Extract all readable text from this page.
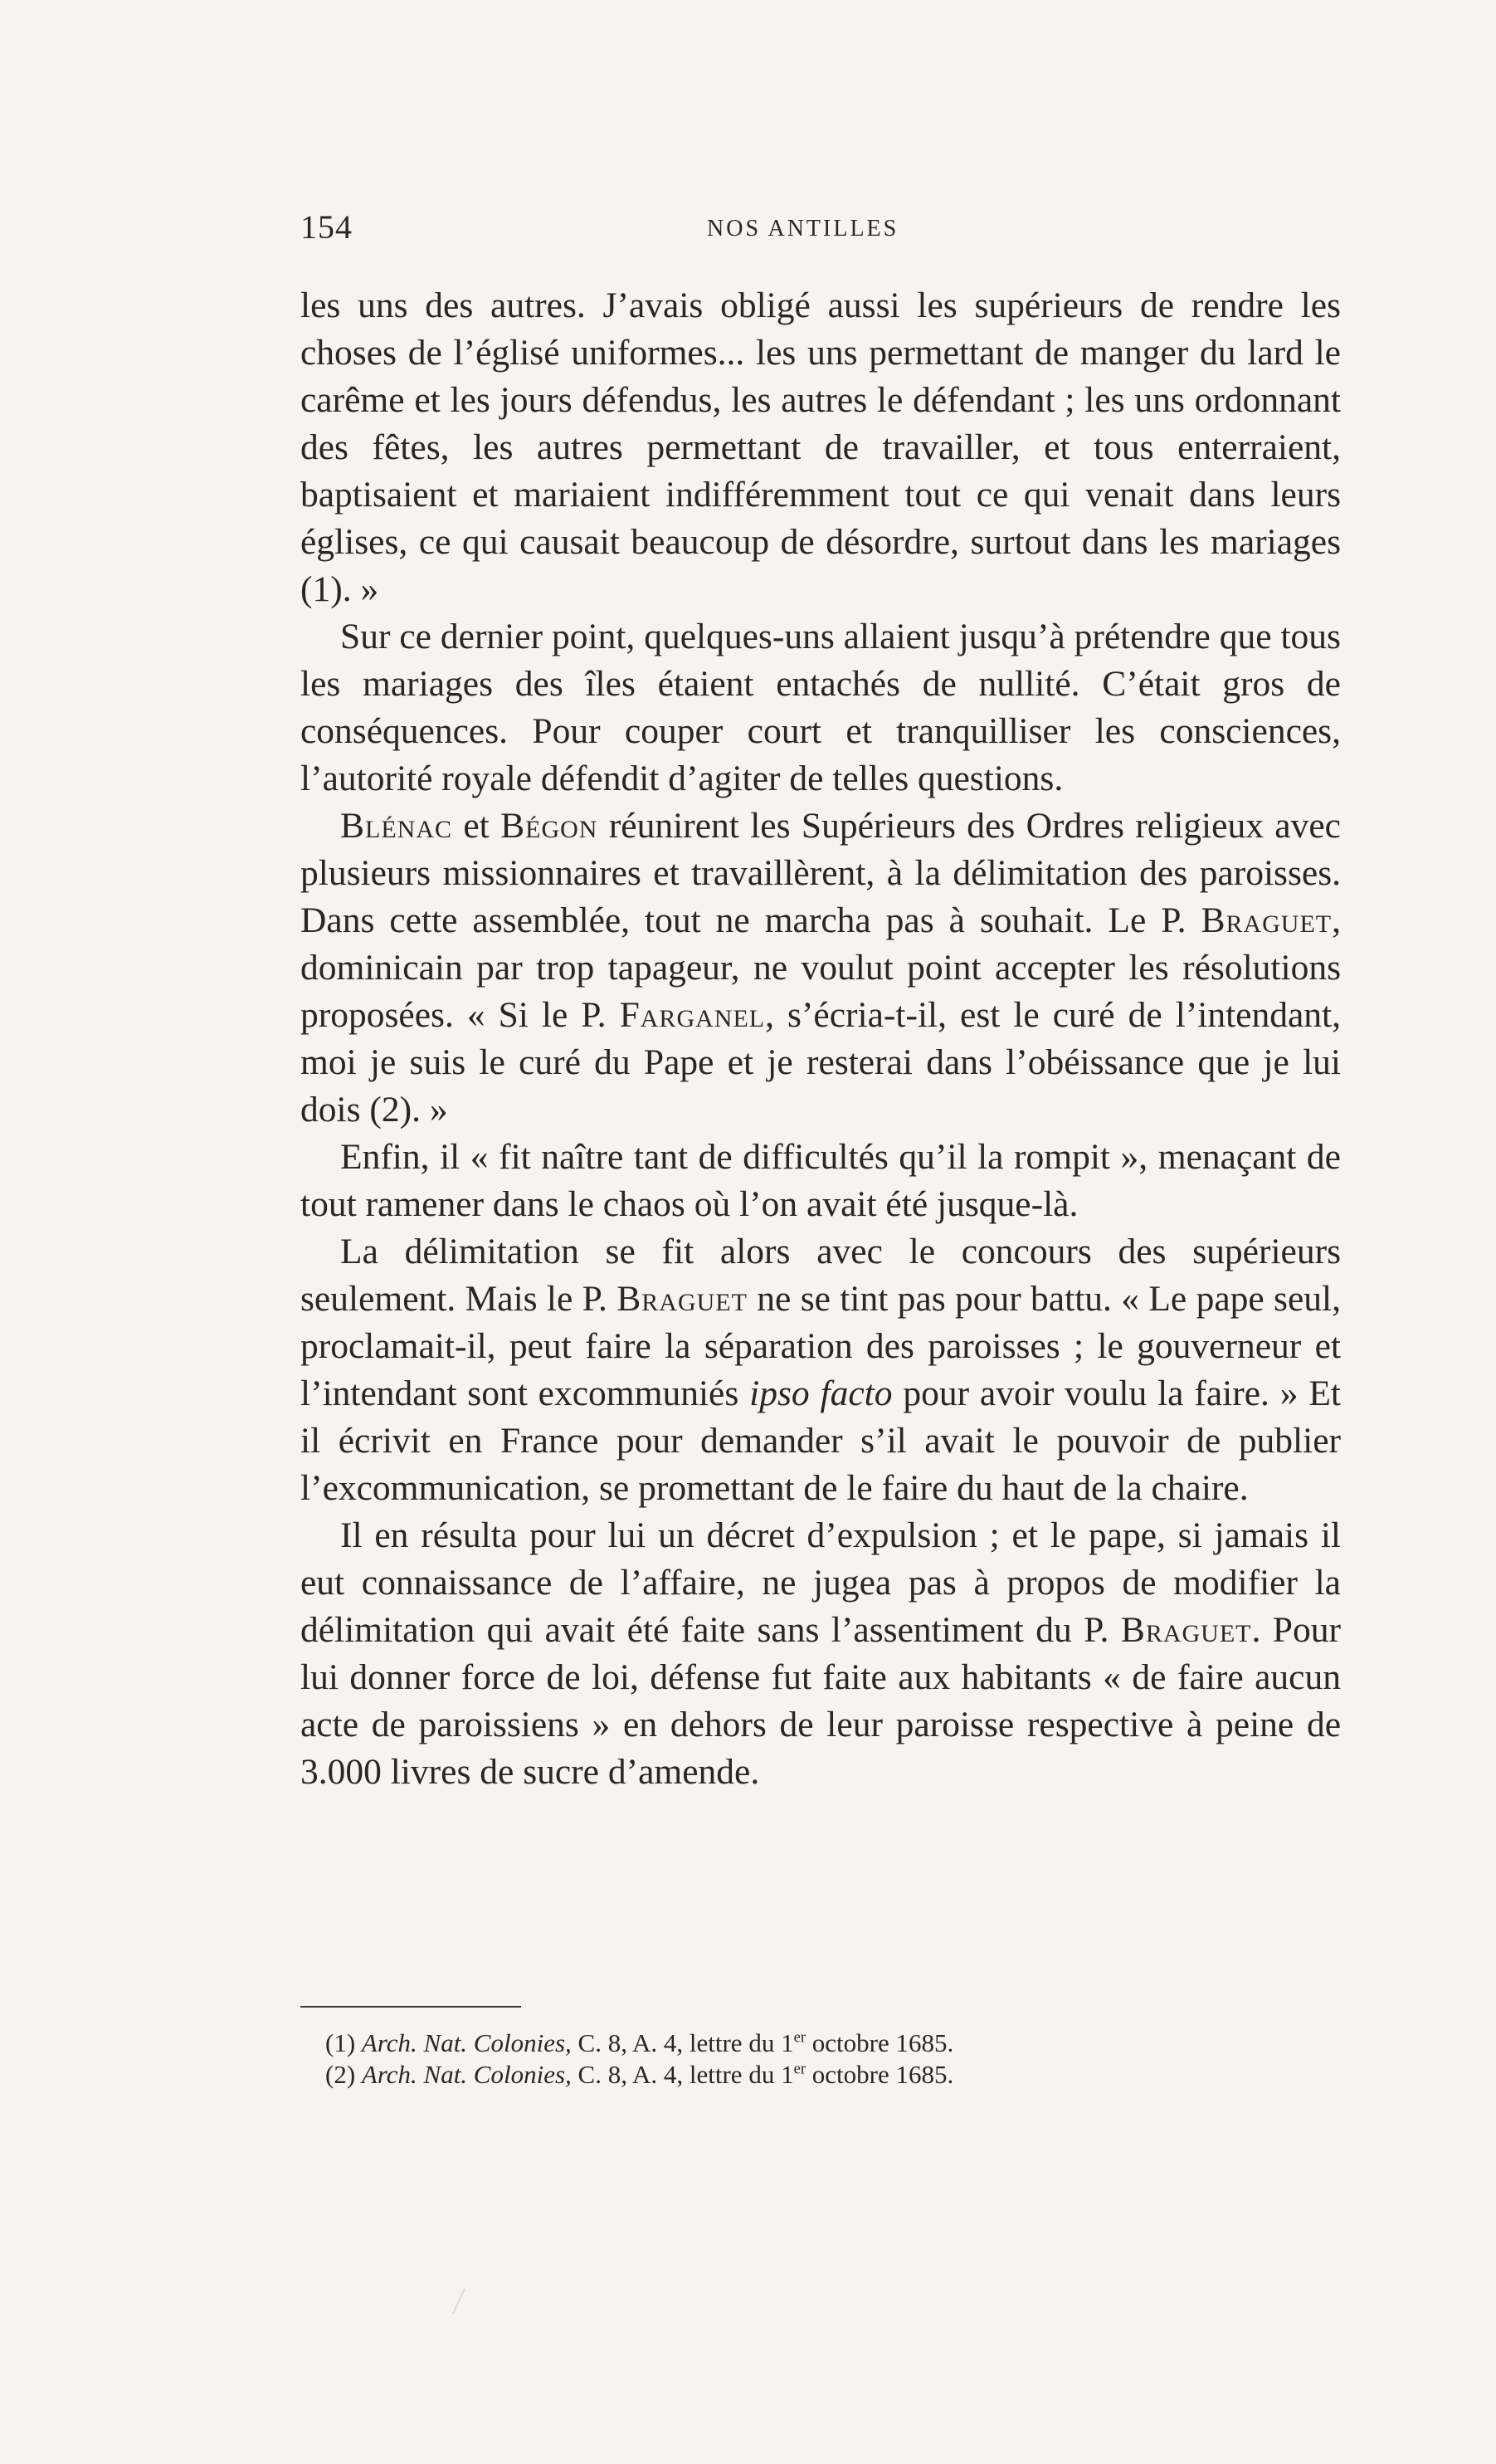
154	NOS ANTILLES

les uns des autres. J’avais obligé aussi les supérieurs de rendre les choses de l’églisé uniformes... les uns permettant de manger du lard le carême et les jours défendus, les autres le défendant ; les uns ordonnant des fêtes, les autres permettant de travailler, et tous enterraient, baptisaient et mariaient indifféremment tout ce qui venait dans leurs églises, ce qui causait beaucoup de désordre, surtout dans les mariages (1). »

Sur ce dernier point, quelques-uns allaient jusqu’à prétendre que tous les mariages des îles étaient entachés de nullité. C’était gros de conséquences. Pour couper court et tranquilliser les consciences, l’autorité royale défendit d’agiter de telles questions.

Blénac et Bégon réunirent les Supérieurs des Ordres religieux avec plusieurs missionnaires et travaillèrent, à la délimitation des paroisses. Dans cette assemblée, tout ne marcha pas à souhait. Le P. Braguet, dominicain par trop tapageur, ne voulut point accepter les résolutions proposées. « Si le P. Farganel, s’écria-t-il, est le curé de l’intendant, moi je suis le curé du Pape et je resterai dans l’obéissance que je lui dois (2). »

Enfin, il « fit naître tant de difficultés qu’il la rompit », menaçant de tout ramener dans le chaos où l’on avait été jusque-là.

La délimitation se fit alors avec le concours des supérieurs seulement. Mais le P. Braguet ne se tint pas pour battu. « Le pape seul, proclamait-il, peut faire la séparation des paroisses ; le gouverneur et l’intendant sont excommuniés ipso facto pour avoir voulu la faire. » Et il écrivit en France pour demander s’il avait le pouvoir de publier l’excommunication, se promettant de le faire du haut de la chaire.

Il en résulta pour lui un décret d’expulsion ; et le pape, si jamais il eut connaissance de l’affaire, ne jugea pas à propos de modifier la délimitation qui avait été faite sans l’assentiment du P. Braguet. Pour lui donner force de loi, défense fut faite aux habitants « de faire aucun acte de paroissiens » en dehors de leur paroisse respective à peine de 3.000 livres de sucre d’amende.

(1) Arch. Nat. Colonies, C. 8, A. 4, lettre du 1er octobre 1685.
(2) Arch. Nat. Colonies, C. 8, A. 4, lettre du 1er octobre 1685.
